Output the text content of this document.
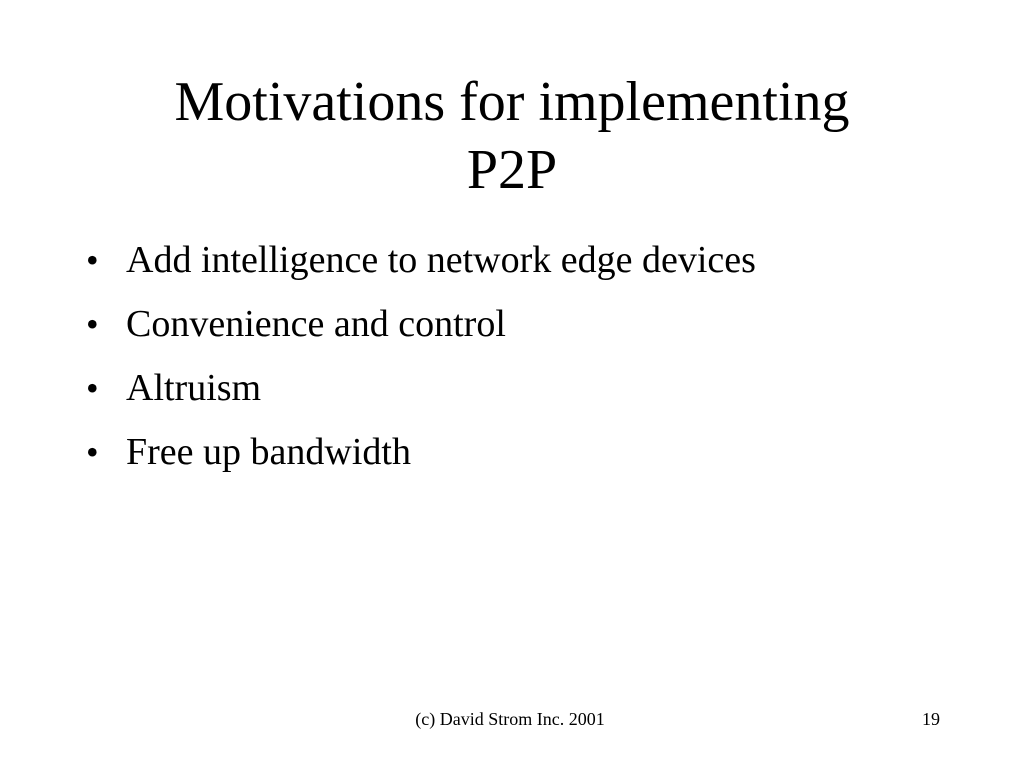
Motivations for implementing
P2P
• Add intelligence to network edge devices
• Convenience and control
• Altruism
• Free up bandwidth
(c) David Strom Inc. 2001	19
